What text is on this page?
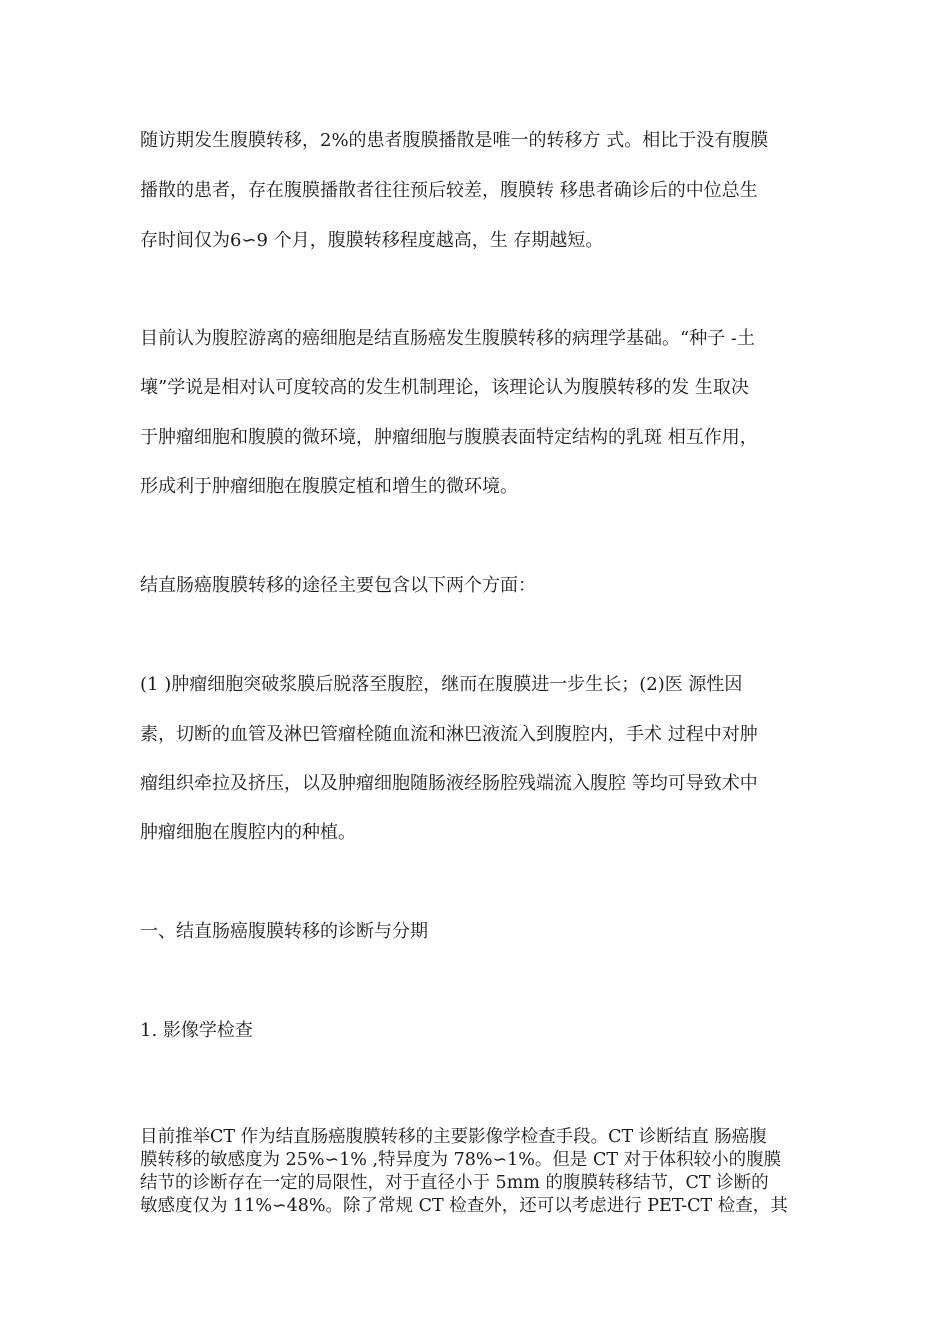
随访期发生腹膜转移，2%的患者腹膜播散是唯一的转移方 式。相比于没有腹膜
播散的患者，存在腹膜播散者往往预后较差，腹膜转 移患者确诊后的中位总生
存时间仅为6∽9 个月，腹膜转移程度越高，生 存期越短。
目前认为腹腔游离的癌细胞是结直肠癌发生腹膜转移的病理学基础。“种子 -土
壤”学说是相对认可度较高的发生机制理论，该理论认为腹膜转移的发 生取决
于肿瘤细胞和腹膜的微环境，肿瘤细胞与腹膜表面特定结构的乳斑 相互作用，
形成利于肿瘤细胞在腹膜定植和增生的微环境。
结直肠癌腹膜转移的途径主要包含以下两个方面：
(1 )肿瘤细胞突破浆膜后脱落至腹腔，继而在腹膜进一步生长；(2)医 源性因
素，切断的血管及淋巴管瘤栓随血流和淋巴液流入到腹腔内，手术 过程中对肿
瘤组织牵拉及挤压，以及肿瘤细胞随肠液经肠腔残端流入腹腔 等均可导致术中
肿瘤细胞在腹腔内的种植。
一、结直肠癌腹膜转移的诊断与分期
1. 影像学检查
目前推举CT 作为结直肠癌腹膜转移的主要影像学检查手段。CT 诊断结直 肠癌腹
膜转移的敏感度为 25%∽1% ,特异度为 78%∽1%。但是 CT 对于体积较小的腹膜
结节的诊断存在一定的局限性，对于直径小于 5mm 的腹膜转移结节，CT 诊断的
敏感度仅为 11%∽48%。除了常规 CT 检查外，还可以考虑进行 PET-CT 检查，其
